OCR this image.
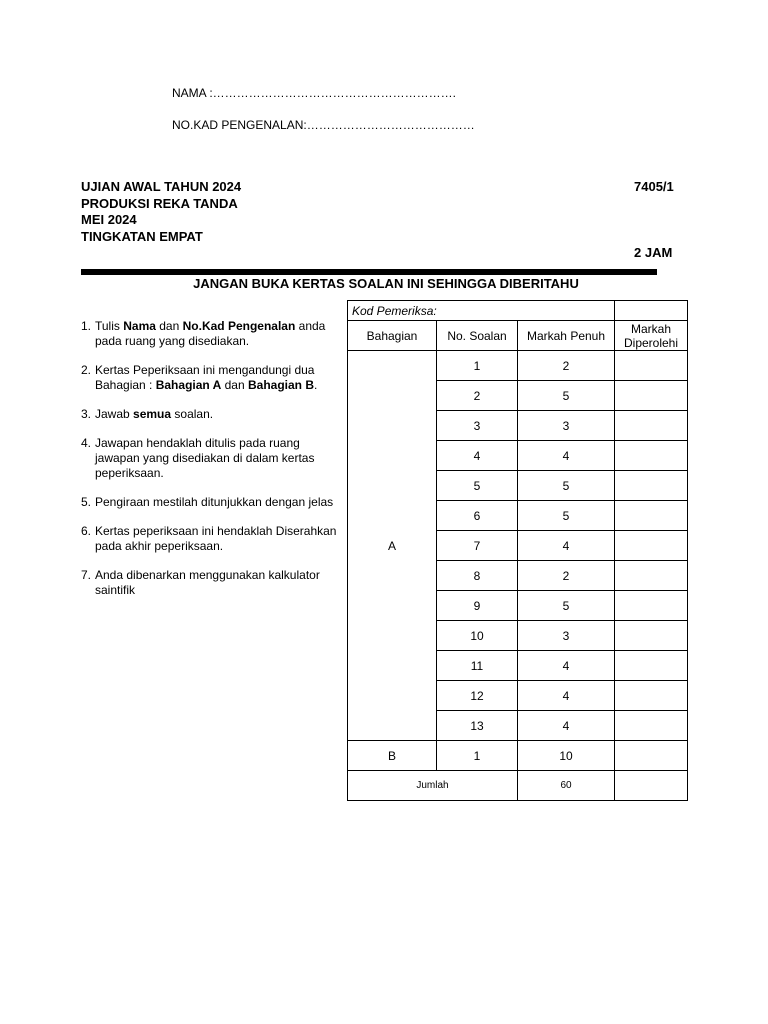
NAMA :…………………………………………………….
NO.KAD PENGENALAN:……………………………………
UJIAN AWAL TAHUN 2024
PRODUKSI REKA TANDA
MEI 2024
TINGKATAN EMPAT
7405/1
2 JAM
JANGAN BUKA KERTAS SOALAN INI SEHINGGA DIBERITAHU
1. Tulis Nama dan No.Kad Pengenalan anda pada ruang yang disediakan.
2. Kertas Peperiksaan ini mengandungi dua Bahagian : Bahagian A dan Bahagian B.
3. Jawab semua soalan.
4. Jawapan hendaklah ditulis pada ruang jawapan yang disediakan di dalam kertas peperiksaan.
5. Pengiraan mestilah ditunjukkan dengan jelas
6. Kertas peperiksaan ini hendaklah Diserahkan pada akhir peperiksaan.
7. Anda dibenarkan menggunakan kalkulator saintifik
Kod Pemeriksa:			
Bahagian	No. Soalan	Markah Penuh	Markah Diperolehi
A	1	2	
	2	5	
	3	3	
	4	4	
	5	5	
	6	5	
	7	4	
	8	2	
	9	5	
	10	3	
	11	4	
	12	4	
	13	4	
B	1	10	
Jumlah		60	
